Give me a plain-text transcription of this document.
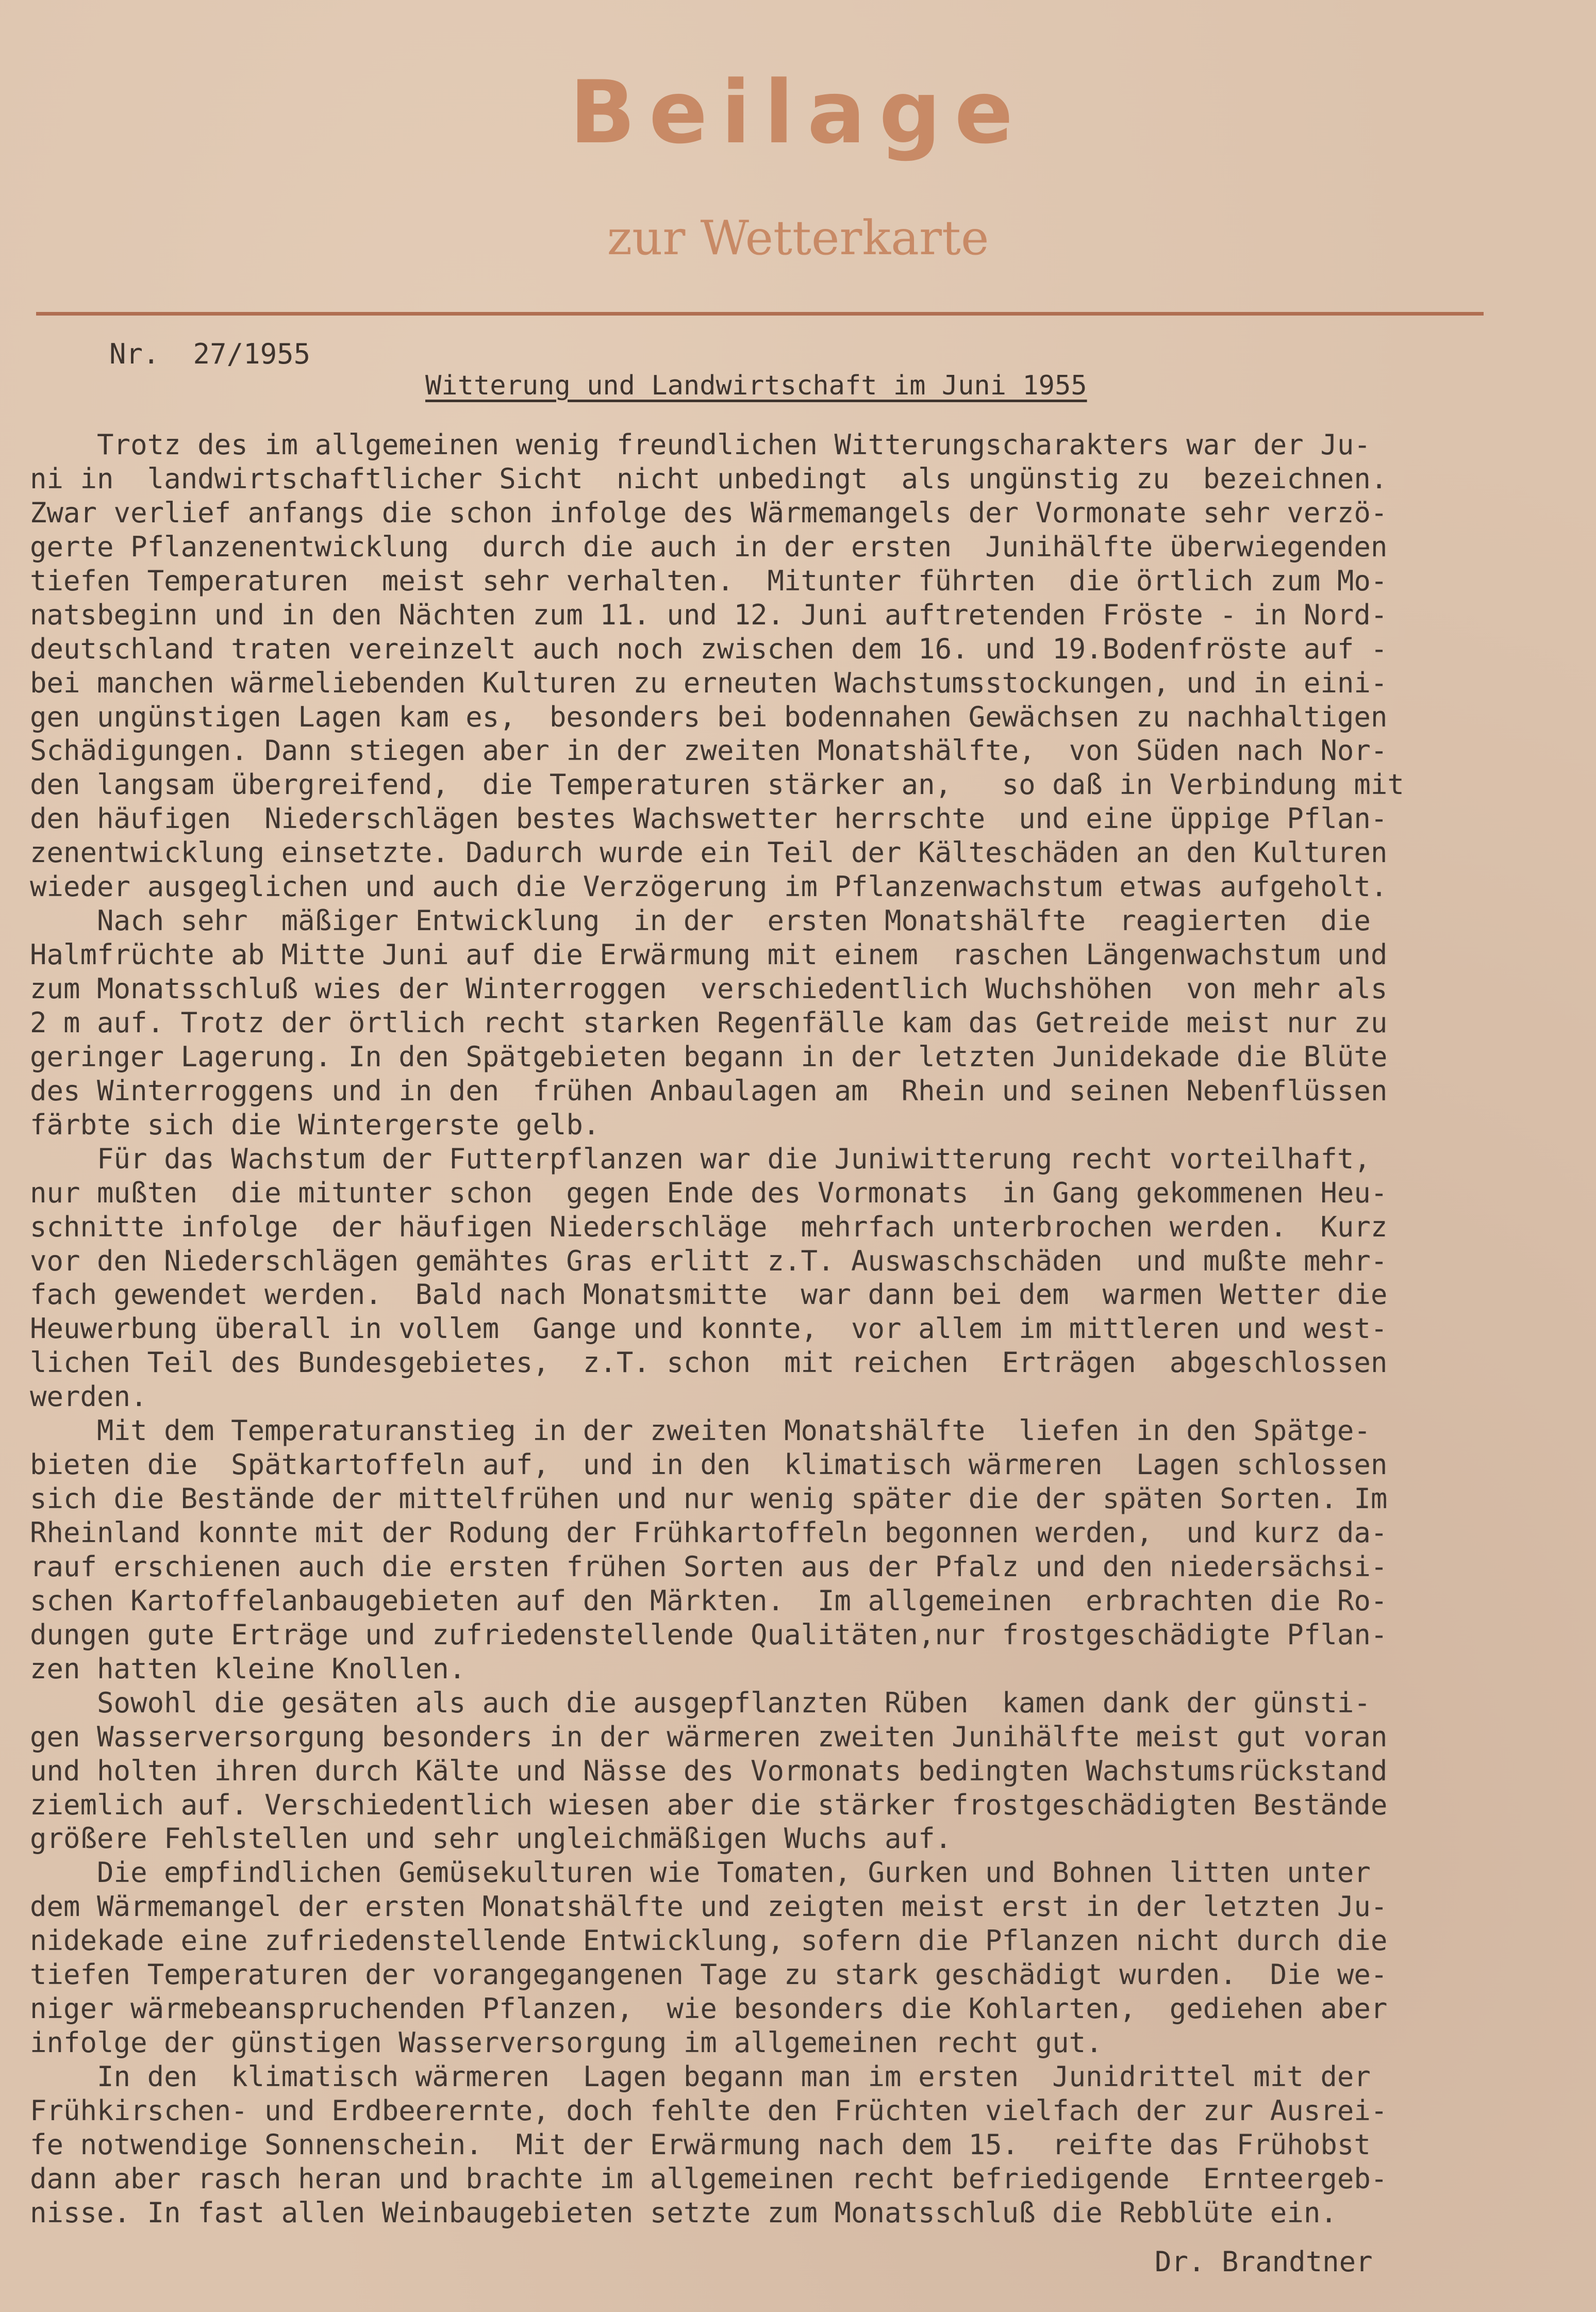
Beilage
zur Wetterkarte
Nr.  27/1955
Witterung und Landwirtschaft im Juni 1955
Trotz des im allgemeinen wenig freundlichen Witterungscharakters war der Ju-
ni in  landwirtschaftlicher Sicht  nicht unbedingt  als ungünstig zu  bezeichnen.
Zwar verlief anfangs die schon infolge des Wärmemangels der Vormonate sehr verzö-
gerte Pflanzenentwicklung  durch die auch in der ersten  Junihälfte überwiegenden
tiefen Temperaturen  meist sehr verhalten.  Mitunter führten  die örtlich zum Mo-
natsbeginn und in den Nächten zum 11. und 12. Juni auftretenden Fröste - in Nord-
deutschland traten vereinzelt auch noch zwischen dem 16. und 19.Bodenfröste auf -
bei manchen wärmeliebenden Kulturen zu erneuten Wachstumsstockungen, und in eini-
gen ungünstigen Lagen kam es,  besonders bei bodennahen Gewächsen zu nachhaltigen
Schädigungen. Dann stiegen aber in der zweiten Monatshälfte,  von Süden nach Nor-
den langsam übergreifend,  die Temperaturen stärker an,   so daß in Verbindung mit
den häufigen  Niederschlägen bestes Wachswetter herrschte  und eine üppige Pflan-
zenentwicklung einsetzte. Dadurch wurde ein Teil der Kälteschäden an den Kulturen
wieder ausgeglichen und auch die Verzögerung im Pflanzenwachstum etwas aufgeholt.
Nach sehr  mäßiger Entwicklung  in der  ersten Monatshälfte  reagierten  die
Halmfrüchte ab Mitte Juni auf die Erwärmung mit einem  raschen Längenwachstum und
zum Monatsschluß wies der Winterroggen  verschiedentlich Wuchshöhen  von mehr als
2 m auf. Trotz der örtlich recht starken Regenfälle kam das Getreide meist nur zu
geringer Lagerung. In den Spätgebieten begann in der letzten Junidekade die Blüte
des Winterroggens und in den  frühen Anbaulagen am  Rhein und seinen Nebenflüssen
färbte sich die Wintergerste gelb.
Für das Wachstum der Futterpflanzen war die Juniwitterung recht vorteilhaft,
nur mußten  die mitunter schon  gegen Ende des Vormonats  in Gang gekommenen Heu-
schnitte infolge  der häufigen Niederschläge  mehrfach unterbrochen werden.  Kurz
vor den Niederschlägen gemähtes Gras erlitt z.T. Auswaschschäden  und mußte mehr-
fach gewendet werden.  Bald nach Monatsmitte  war dann bei dem  warmen Wetter die
Heuwerbung überall in vollem  Gange und konnte,  vor allem im mittleren und west-
lichen Teil des Bundesgebietes,  z.T. schon  mit reichen  Erträgen  abgeschlossen
werden.
Mit dem Temperaturanstieg in der zweiten Monatshälfte  liefen in den Spätge-
bieten die  Spätkartoffeln auf,  und in den  klimatisch wärmeren  Lagen schlossen
sich die Bestände der mittelfrühen und nur wenig später die der späten Sorten. Im
Rheinland konnte mit der Rodung der Frühkartoffeln begonnen werden,  und kurz da-
rauf erschienen auch die ersten frühen Sorten aus der Pfalz und den niedersächsi-
schen Kartoffelanbaugebieten auf den Märkten.  Im allgemeinen  erbrachten die Ro-
dungen gute Erträge und zufriedenstellende Qualitäten,nur frostgeschädigte Pflan-
zen hatten kleine Knollen.
Sowohl die gesäten als auch die ausgepflanzten Rüben  kamen dank der günsti-
gen Wasserversorgung besonders in der wärmeren zweiten Junihälfte meist gut voran
und holten ihren durch Kälte und Nässe des Vormonats bedingten Wachstumsrückstand
ziemlich auf. Verschiedentlich wiesen aber die stärker frostgeschädigten Bestände
größere Fehlstellen und sehr ungleichmäßigen Wuchs auf.
Die empfindlichen Gemüsekulturen wie Tomaten, Gurken und Bohnen litten unter
dem Wärmemangel der ersten Monatshälfte und zeigten meist erst in der letzten Ju-
nidekade eine zufriedenstellende Entwicklung, sofern die Pflanzen nicht durch die
tiefen Temperaturen der vorangegangenen Tage zu stark geschädigt wurden.  Die we-
niger wärmebeanspruchenden Pflanzen,  wie besonders die Kohlarten,  gediehen aber
infolge der günstigen Wasserversorgung im allgemeinen recht gut.
In den  klimatisch wärmeren  Lagen begann man im ersten  Junidrittel mit der
Frühkirschen- und Erdbeerernte, doch fehlte den Früchten vielfach der zur Ausrei-
fe notwendige Sonnenschein.  Mit der Erwärmung nach dem 15.  reifte das Frühobst
dann aber rasch heran und brachte im allgemeinen recht befriedigende  Ernteergeb-
nisse. In fast allen Weinbaugebieten setzte zum Monatsschluß die Rebblüte ein.
Dr. Brandtner
